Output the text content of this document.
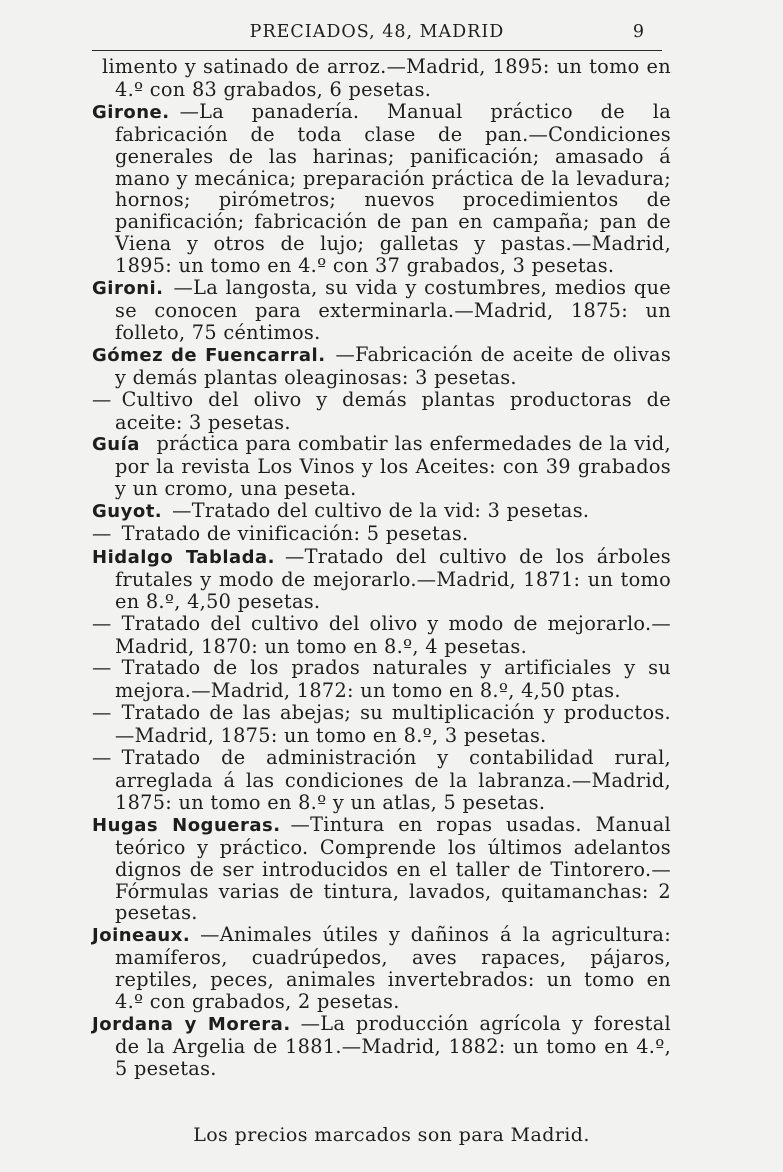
PRECIADOS, 48, MADRID	9
limento y satinado de arroz.—Madrid, 1895: un tomo en 4.º con 83 grabados, 6 pesetas.
Girone. —La panadería. Manual práctico de la fabricación de toda clase de pan.—Condiciones generales de las harinas; panificación; amasado á mano y mecánica; preparación práctica de la levadura; hornos; pirómetros; nuevos procedimientos de panificación; fabricación de pan en campaña; pan de Viena y otros de lujo; galletas y pastas.—Madrid, 1895: un tomo en 4.º con 37 grabados, 3 pesetas.
Gironi. —La langosta, su vida y costumbres, medios que se conocen para exterminarla.—Madrid, 1875: un folleto, 75 céntimos.
Gómez de Fuencarral. —Fabricación de aceite de olivas y demás plantas oleaginosas: 3 pesetas.
— Cultivo del olivo y demás plantas productoras de aceite: 3 pesetas.
Guía práctica para combatir las enfermedades de la vid, por la revista Los Vinos y los Aceites: con 39 grabados y un cromo, una peseta.
Guyot. —Tratado del cultivo de la vid: 3 pesetas.
— Tratado de vinificación: 5 pesetas.
Hidalgo Tablada. —Tratado del cultivo de los árboles frutales y modo de mejorarlo.—Madrid, 1871: un tomo en 8.º, 4,50 pesetas.
— Tratado del cultivo del olivo y modo de mejorarlo.—Madrid, 1870: un tomo en 8.º, 4 pesetas.
— Tratado de los prados naturales y artificiales y su mejora.—Madrid, 1872: un tomo en 8.º, 4,50 ptas.
— Tratado de las abejas; su multiplicación y productos.—Madrid, 1875: un tomo en 8.º, 3 pesetas.
— Tratado de administración y contabilidad rural, arreglada á las condiciones de la labranza.—Madrid, 1875: un tomo en 8.º y un atlas, 5 pesetas.
Hugas Nogueras. —Tintura en ropas usadas. Manual teórico y práctico. Comprende los últimos adelantos dignos de ser introducidos en el taller de Tintorero.—Fórmulas varias de tintura, lavados, quitamanchas: 2 pesetas.
Joineaux. —Animales útiles y dañinos á la agricultura: mamíferos, cuadrúpedos, aves rapaces, pájaros, reptiles, peces, animales invertebrados: un tomo en 4.º con grabados, 2 pesetas.
Jordana y Morera. —La producción agrícola y forestal de la Argelia de 1881.—Madrid, 1882: un tomo en 4.º, 5 pesetas.
Los precios marcados son para Madrid.
